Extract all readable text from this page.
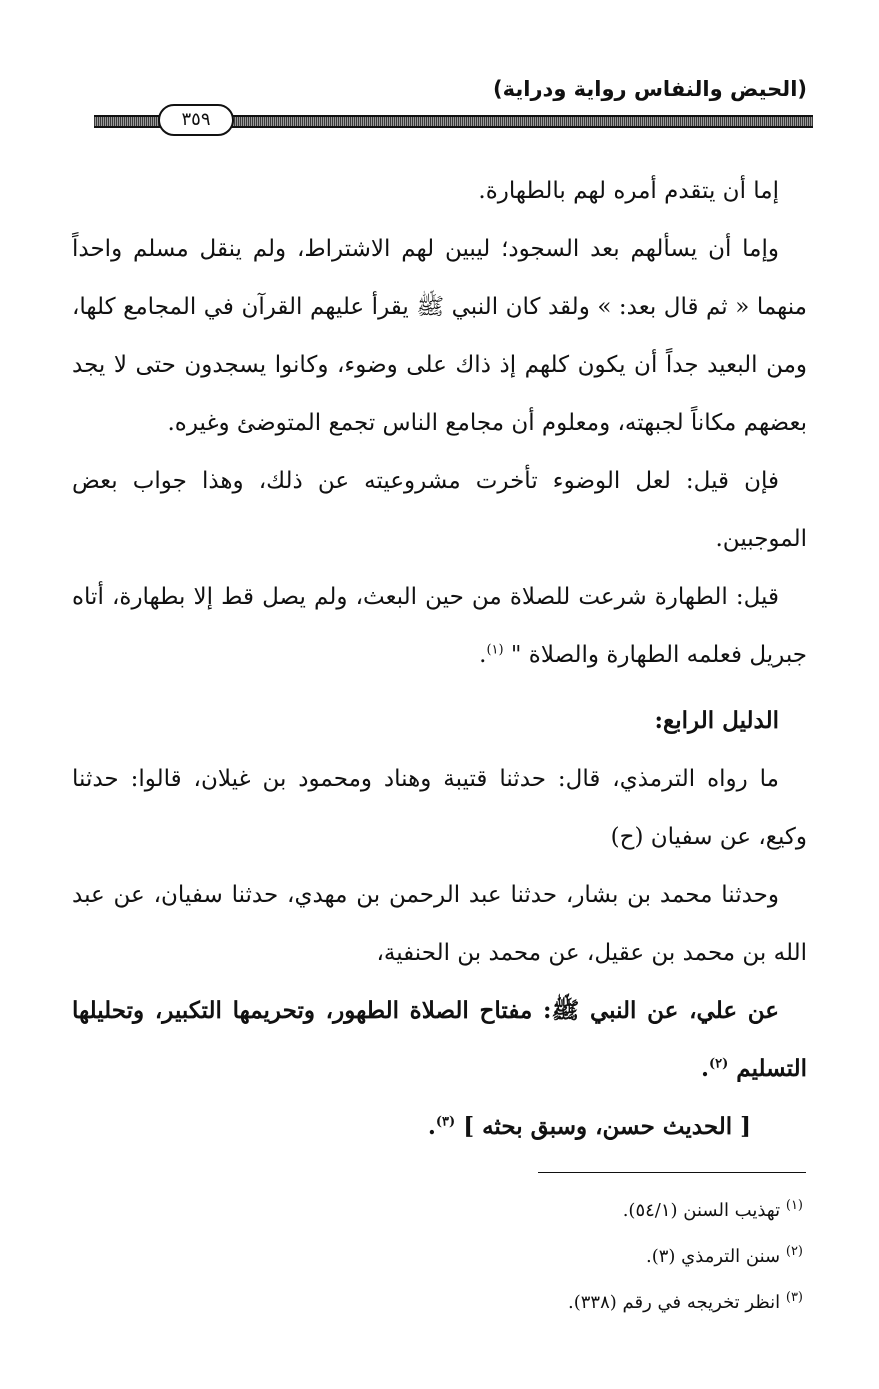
(الحيض والنفاس رواية ودراية)
٣٥٩

إما أن يتقدم أمره لهم بالطهارة.

وإما أن يسألهم بعد السجود؛ ليبين لهم الاشتراط، ولم ينقل مسلم واحداً منهما « ثم قال بعد: » ولقد كان النبي ﷺ يقرأ عليهم القرآن في المجامع كلها، ومن البعيد جداً أن يكون كلهم إذ ذاك على وضوء، وكانوا يسجدون حتى لا يجد بعضهم مكاناً لجبهته، ومعلوم أن مجامع الناس تجمع المتوضئ وغيره.

فإن قيل: لعل الوضوء تأخرت مشروعيته عن ذلك، وهذا جواب بعض الموجبين.

قيل: الطهارة شرعت للصلاة من حين البعث، ولم يصل قط إلا بطهارة، أتاه جبريل فعلمه الطهارة والصلاة " $^{(١)}$.

الدليل الرابع:

ما رواه الترمذي، قال: حدثنا قتيبة وهناد ومحمود بن غيلان، قالوا: حدثنا وكيع، عن سفيان (ح)

وحدثنا محمد بن بشار، حدثنا عبد الرحمن بن مهدي، حدثنا سفيان، عن عبد الله بن محمد بن عقيل، عن محمد بن الحنفية،

عن علي، عن النبي ﷺ: مفتاح الصلاة الطهور، وتحريمها التكبير، وتحليلها التسليم $^{(٢)}$.

[ الحديث حسن، وسبق بحثه ] $^{(٣)}$.

$^{(١)}$ تهذيب السنن (٥٤/١).
$^{(٢)}$ سنن الترمذي (٣).
$^{(٣)}$ انظر تخريجه في رقم (٣٣٨).
